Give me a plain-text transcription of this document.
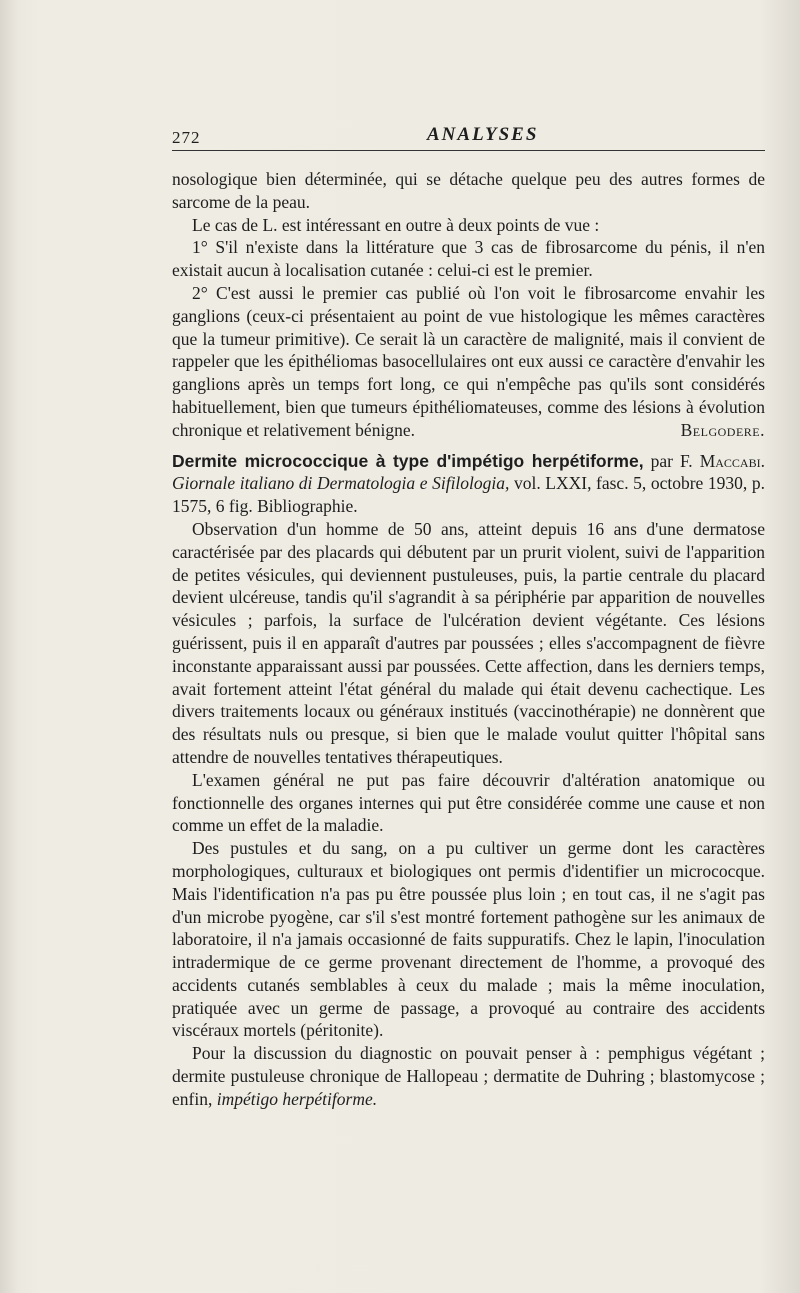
272	ANALYSES

nosologique bien déterminée, qui se détache quelque peu des autres formes de sarcome de la peau.

Le cas de L. est intéressant en outre à deux points de vue :

1° S'il n'existe dans la littérature que 3 cas de fibrosarcome du pénis, il n'en existait aucun à localisation cutanée : celui-ci est le premier.

2° C'est aussi le premier cas publié où l'on voit le fibrosarcome envahir les ganglions (ceux-ci présentaient au point de vue histologique les mêmes caractères que la tumeur primitive). Ce serait là un caractère de malignité, mais il convient de rappeler que les épithéliomas basocellulaires ont eux aussi ce caractère d'envahir les ganglions après un temps fort long, ce qui n'empêche pas qu'ils sont considérés habituellement, bien que tumeurs épithéliomateuses, comme des lésions à évolution chronique et relativement bénigne.	Belgodere.

Dermite micrococcique à type d'impétigo herpétiforme, par F. Maccabi. Giornale italiano di Dermatologia e Sifilologia, vol. LXXI, fasc. 5, octobre 1930, p. 1575, 6 fig. Bibliographie.

Observation d'un homme de 50 ans, atteint depuis 16 ans d'une dermatose caractérisée par des placards qui débutent par un prurit violent, suivi de l'apparition de petites vésicules, qui deviennent pustuleuses, puis, la partie centrale du placard devient ulcéreuse, tandis qu'il s'agrandit à sa périphérie par apparition de nouvelles vésicules ; parfois, la surface de l'ulcération devient végétante. Ces lésions guérissent, puis il en apparaît d'autres par poussées ; elles s'accompagnent de fièvre inconstante apparaissant aussi par poussées. Cette affection, dans les derniers temps, avait fortement atteint l'état général du malade qui était devenu cachectique. Les divers traitements locaux ou généraux institués (vaccinothérapie) ne donnèrent que des résultats nuls ou presque, si bien que le malade voulut quitter l'hôpital sans attendre de nouvelles tentatives thérapeutiques.

L'examen général ne put pas faire découvrir d'altération anatomique ou fonctionnelle des organes internes qui put être considérée comme une cause et non comme un effet de la maladie.

Des pustules et du sang, on a pu cultiver un germe dont les caractères morphologiques, culturaux et biologiques ont permis d'identifier un micrococque. Mais l'identification n'a pas pu être poussée plus loin ; en tout cas, il ne s'agit pas d'un microbe pyogène, car s'il s'est montré fortement pathogène sur les animaux de laboratoire, il n'a jamais occasionné de faits suppuratifs. Chez le lapin, l'inoculation intradermique de ce germe provenant directement de l'homme, a provoqué des accidents cutanés semblables à ceux du malade ; mais la même inoculation, pratiquée avec un germe de passage, a provoqué au contraire des accidents viscéraux mortels (péritonite).

Pour la discussion du diagnostic on pouvait penser à : pemphigus végétant ; dermite pustuleuse chronique de Hallopeau ; dermatite de Duhring ; blastomycose ; enfin, impétigo herpétiforme.
